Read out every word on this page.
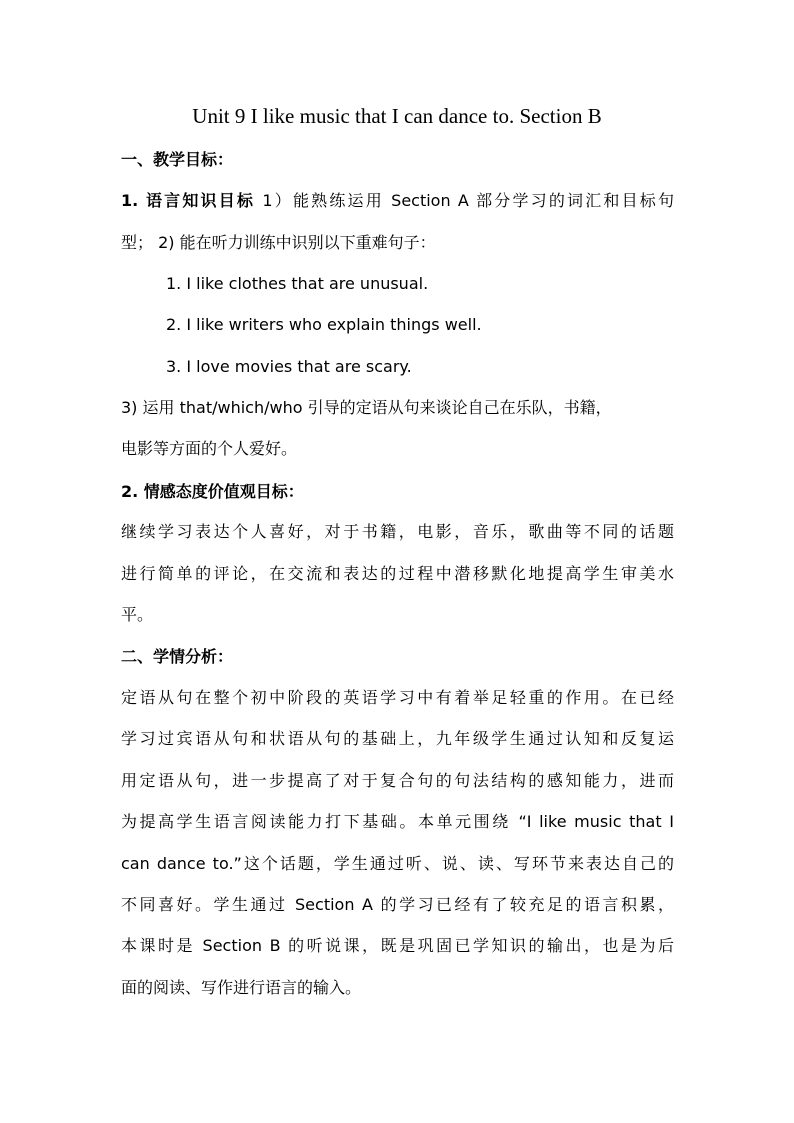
Unit 9 I like music that I can dance to. Section B
一、教学目标：
1. 语言知识目标 1）能熟练运用 Section A 部分学习的词汇和目标句
型； 2) 能在听力训练中识别以下重难句子：
1. I like clothes that are unusual.
2. I like writers who explain things well.
3. I love movies that are scary.
3) 运用 that/which/who 引导的定语从句来谈论自己在乐队，书籍，
电影等方面的个人爱好。
2. 情感态度价值观目标：
继续学习表达个人喜好，对于书籍，电影，音乐，歌曲等不同的话题
进行简单的评论，在交流和表达的过程中潜移默化地提高学生审美水
平。
二、学情分析：
定语从句在整个初中阶段的英语学习中有着举足轻重的作用。在已经
学习过宾语从句和状语从句的基础上，九年级学生通过认知和反复运
用定语从句，进一步提高了对于复合句的句法结构的感知能力，进而
为提高学生语言阅读能力打下基础。本单元围绕 “I like music that I
can dance to.”这个话题，学生通过听、说、读、写环节来表达自己的
不同喜好。学生通过 Section A 的学习已经有了较充足的语言积累，
本课时是 Section B 的听说课，既是巩固已学知识的输出，也是为后
面的阅读、写作进行语言的输入。
